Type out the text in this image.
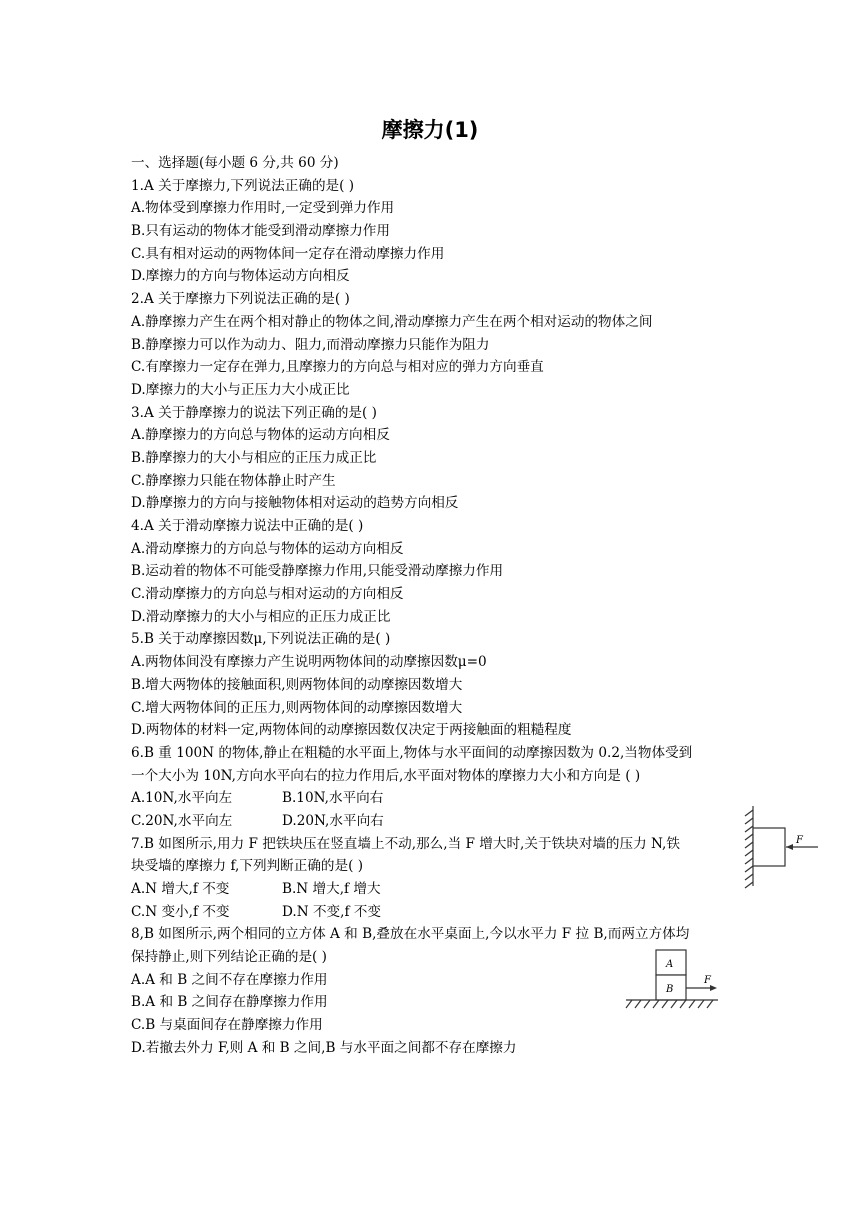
摩擦力(1)
一、选择题(每小题 6 分,共 60 分)
1.A 关于摩擦力,下列说法正确的是( )
A.物体受到摩擦力作用时,一定受到弹力作用
B.只有运动的物体才能受到滑动摩擦力作用
C.具有相对运动的两物体间一定存在滑动摩擦力作用
D.摩擦力的方向与物体运动方向相反
2.A 关于摩擦力下列说法正确的是( )
A.静摩擦力产生在两个相对静止的物体之间,滑动摩擦力产生在两个相对运动的物体之间
B.静摩擦力可以作为动力、阻力,而滑动摩擦力只能作为阻力
C.有摩擦力一定存在弹力,且摩擦力的方向总与相对应的弹力方向垂直
D.摩擦力的大小与正压力大小成正比
3.A 关于静摩擦力的说法下列正确的是( )
A.静摩擦力的方向总与物体的运动方向相反
B.静摩擦力的大小与相应的正压力成正比
C.静摩擦力只能在物体静止时产生
D.静摩擦力的方向与接触物体相对运动的趋势方向相反
4.A 关于滑动摩擦力说法中正确的是( )
A.滑动摩擦力的方向总与物体的运动方向相反
B.运动着的物体不可能受静摩擦力作用,只能受滑动摩擦力作用
C.滑动摩擦力的方向总与相对运动的方向相反
D.滑动摩擦力的大小与相应的正压力成正比
5.B 关于动摩擦因数μ,下列说法正确的是( )
A.两物体间没有摩擦力产生说明两物体间的动摩擦因数μ=0
B.增大两物体的接触面积,则两物体间的动摩擦因数增大
C.增大两物体间的正压力,则两物体间的动摩擦因数增大
D.两物体的材料一定,两物体间的动摩擦因数仅决定于两接触面的粗糙程度
6.B 重 100N 的物体,静止在粗糙的水平面上,物体与水平面间的动摩擦因数为 0.2,当物体受到
一个大小为 10N,方向水平向右的拉力作用后,水平面对物体的摩擦力大小和方向是 ( )
A.10N,水平向左	B.10N,水平向右
C.20N,水平向左	D.20N,水平向右
7.B 如图所示,用力 F 把铁块压在竖直墙上不动,那么,当 F 增大时,关于铁块对墙的压力 N,铁
块受墙的摩擦力 f,下列判断正确的是( )
A.N 增大,f 不变	B.N 增大,f 增大
C.N 变小,f 不变	D.N 不变,f 不变
8,B 如图所示,两个相同的立方体 A 和 B,叠放在水平桌面上,今以水平力 F 拉 B,而两立方体均
保持静止,则下列结论正确的是( )
A.A 和 B 之间不存在摩擦力作用
B.A 和 B 之间存在静摩擦力作用
C.B 与桌面间存在静摩擦力作用
D.若撤去外力 F,则 A 和 B 之间,B 与水平面之间都不存在摩擦力
F
A
B
F
